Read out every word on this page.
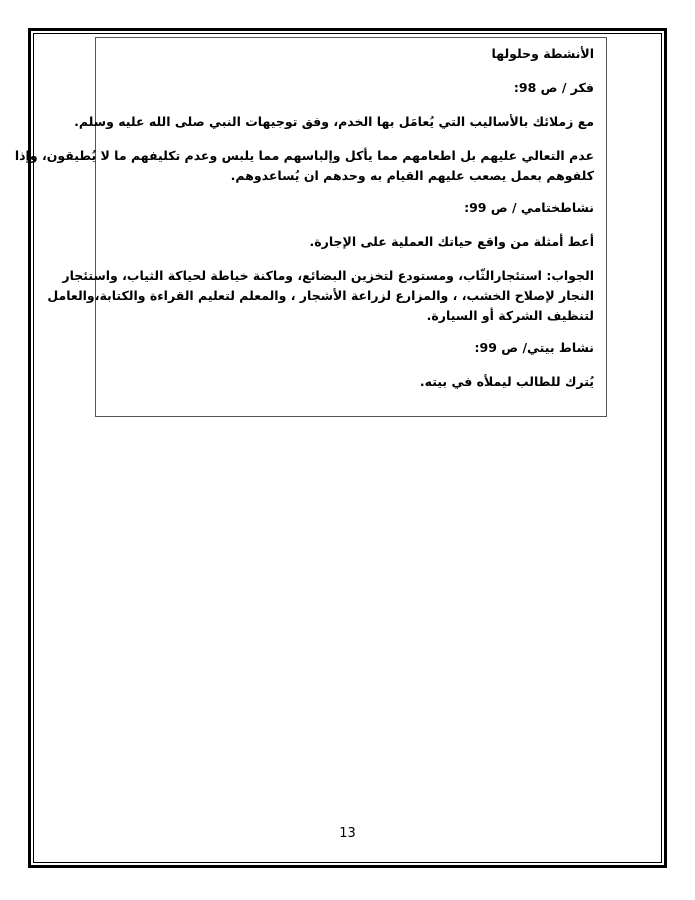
الأنشطة وحلولها

فكر / ص 98:

مع زملائك بالأساليب التي يُعامَل بها الخدم، وفق توجيهات النبي صلى الله عليه وسلم.

عدم التعالي عليهم بل اطعامهم مما يأكل وإلباسهم مما يلبس وعدم تكليفهم ما لا يُطيقون، وإذا

كلفوهم بعمل يصعب عليهم القيام به وحدهم ان يُساعدوهم.

نشاطختامي / ص 99:

أعط أمثلة من واقع حياتك العملية على الإجارة.

الجواب: استئجارالثّاب، ومستودع لتخزين البضائع، وماكنة خياطة لحياكة الثياب، واستئجار

النجار لإصلاح الخشب، ، والمزارع لزراعة الأشجار ، والمعلم لتعليم القراءة والكتابة،والعامل

لتنظيف الشركة أو السيارة.

نشاط بيتي/ ص 99:

يُترك للطالب ليملأه في بيته.

13
